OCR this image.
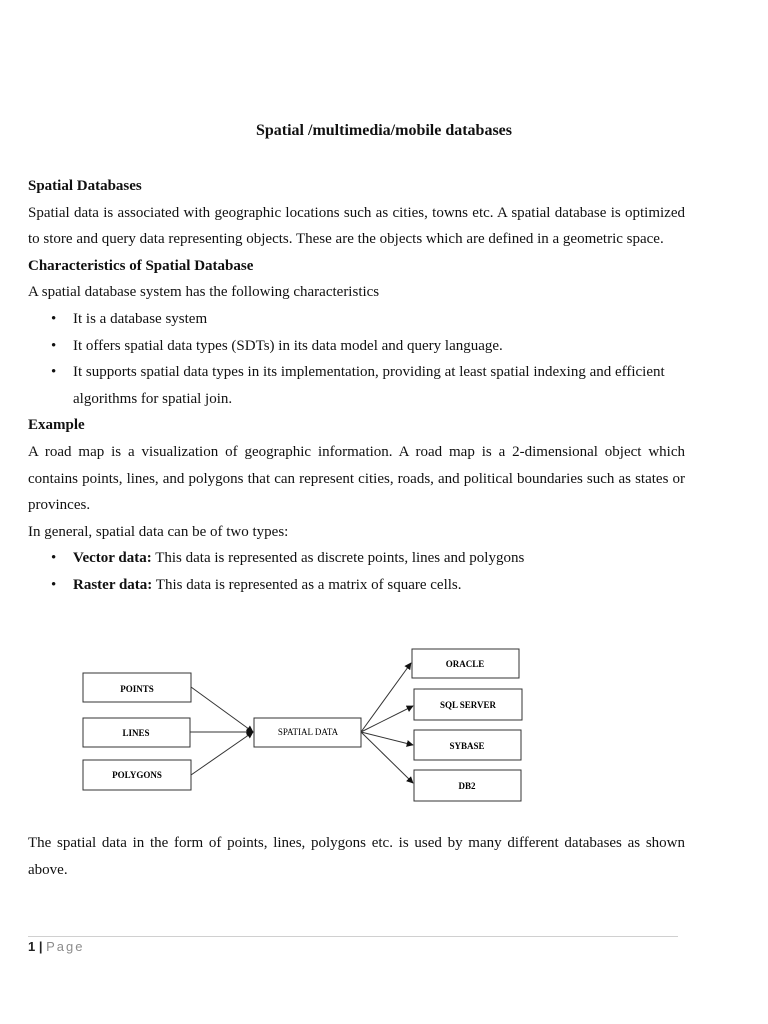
Spatial /multimedia/mobile databases

Spatial Databases

Spatial data is associated with geographic locations such as cities, towns etc. A spatial database is optimized to store and query data representing objects. These are the objects which are defined in a geometric space.

Characteristics of Spatial Database

A spatial database system has the following characteristics

• It is a database system
• It offers spatial data types (SDTs) in its data model and query language.
• It supports spatial data types in its implementation, providing at least spatial indexing and efficient algorithms for spatial join.

Example

A road map is a visualization of geographic information. A road map is a 2-dimensional object which contains points, lines, and polygons that can represent cities, roads, and political boundaries such as states or provinces.

In general, spatial data can be of two types:

• Vector data: This data is represented as discrete points, lines and polygons
• Raster data: This data is represented as a matrix of square cells.
POINTS
LINES
POLYGONS
SPATIAL DATA
ORACLE
SQL SERVER
SYBASE
DB2

The spatial data in the form of points, lines, polygons etc. is used by many different databases as shown above.

1 | Page
